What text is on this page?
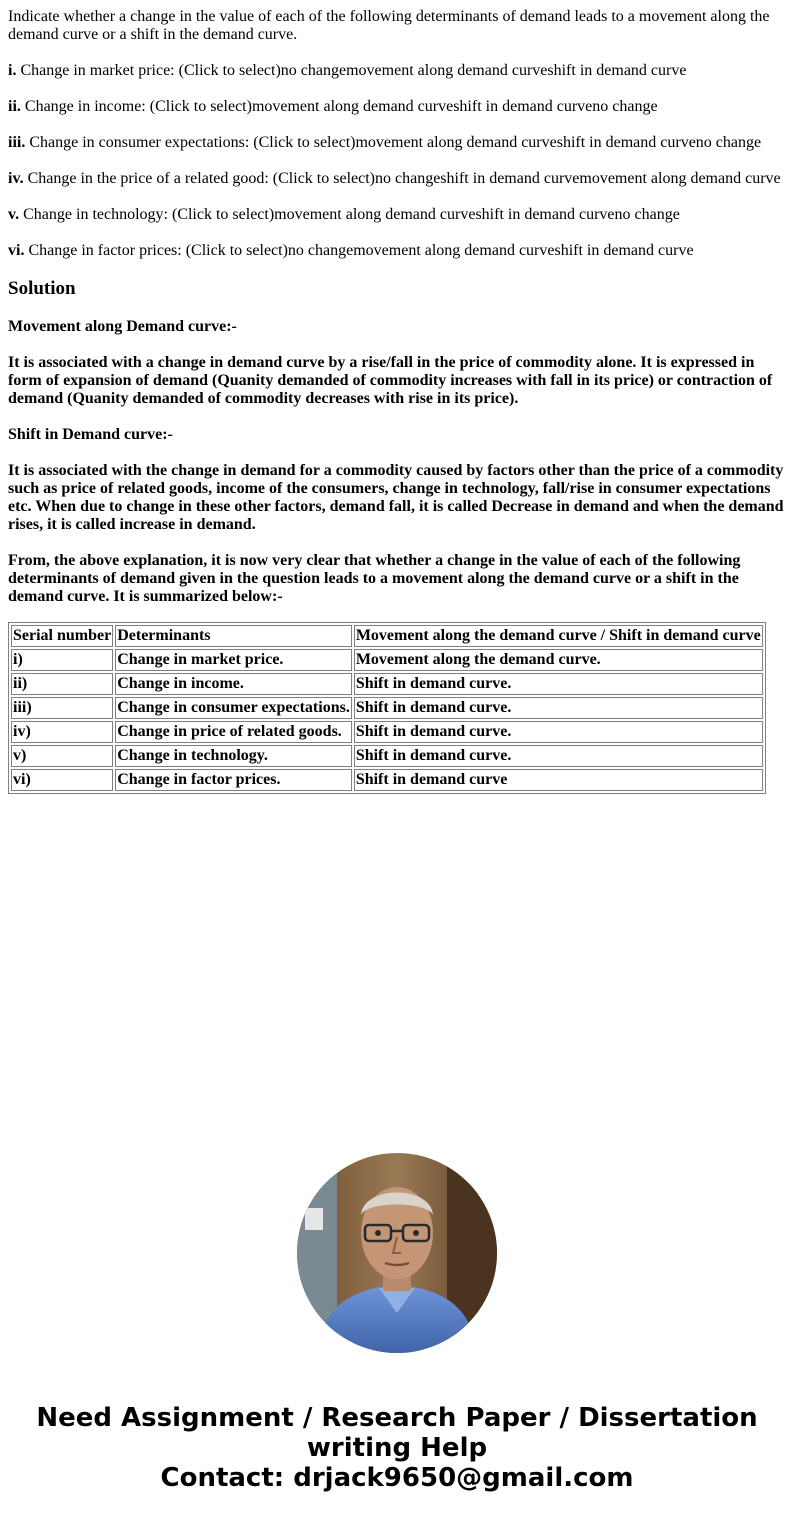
Indicate whether a change in the value of each of the following determinants of demand leads to a movement along the demand curve or a shift in the demand curve.

i. Change in market price: (Click to select)no changemovement along demand curveshift in demand curve

ii. Change in income: (Click to select)movement along demand curveshift in demand curveno change

iii. Change in consumer expectations: (Click to select)movement along demand curveshift in demand curveno change

iv. Change in the price of a related good: (Click to select)no changeshift in demand curvemovement along demand curve

v. Change in technology: (Click to select)movement along demand curveshift in demand curveno change

vi. Change in factor prices: (Click to select)no changemovement along demand curveshift in demand curve

Solution

Movement along Demand curve:-

It is associated with a change in demand curve by a rise/fall in the price of commodity alone. It is expressed in form of expansion of demand (Quanity demanded of commodity increases with fall in its price) or contraction of demand (Quanity demanded of commodity decreases with rise in its price).

Shift in Demand curve:-

It is associated with the change in demand for a commodity caused by factors other than the price of a commodity such as price of related goods, income of the consumers, change in technology, fall/rise in consumer expectations etc. When due to change in these other factors, demand fall, it is called Decrease in demand and when the demand rises, it is called increase in demand.

From, the above explanation, it is now very clear that whether a change in the value of each of the following determinants of demand given in the question leads to a movement along the demand curve or a shift in the demand curve. It is summarized below:-

Serial number	Determinants	Movement along the demand curve / Shift in demand curve
i)	Change in market price.	Movement along the demand curve.
ii)	Change in income.	Shift in demand curve.
iii)	Change in consumer expectations.	Shift in demand curve.
iv)	Change in price of related goods.	Shift in demand curve.
v)	Change in technology.	Shift in demand curve.
vi)	Change in factor prices.	Shift in demand curve
Need Assignment / Research Paper / Dissertation
writing Help
Contact: drjack9650@gmail.com
